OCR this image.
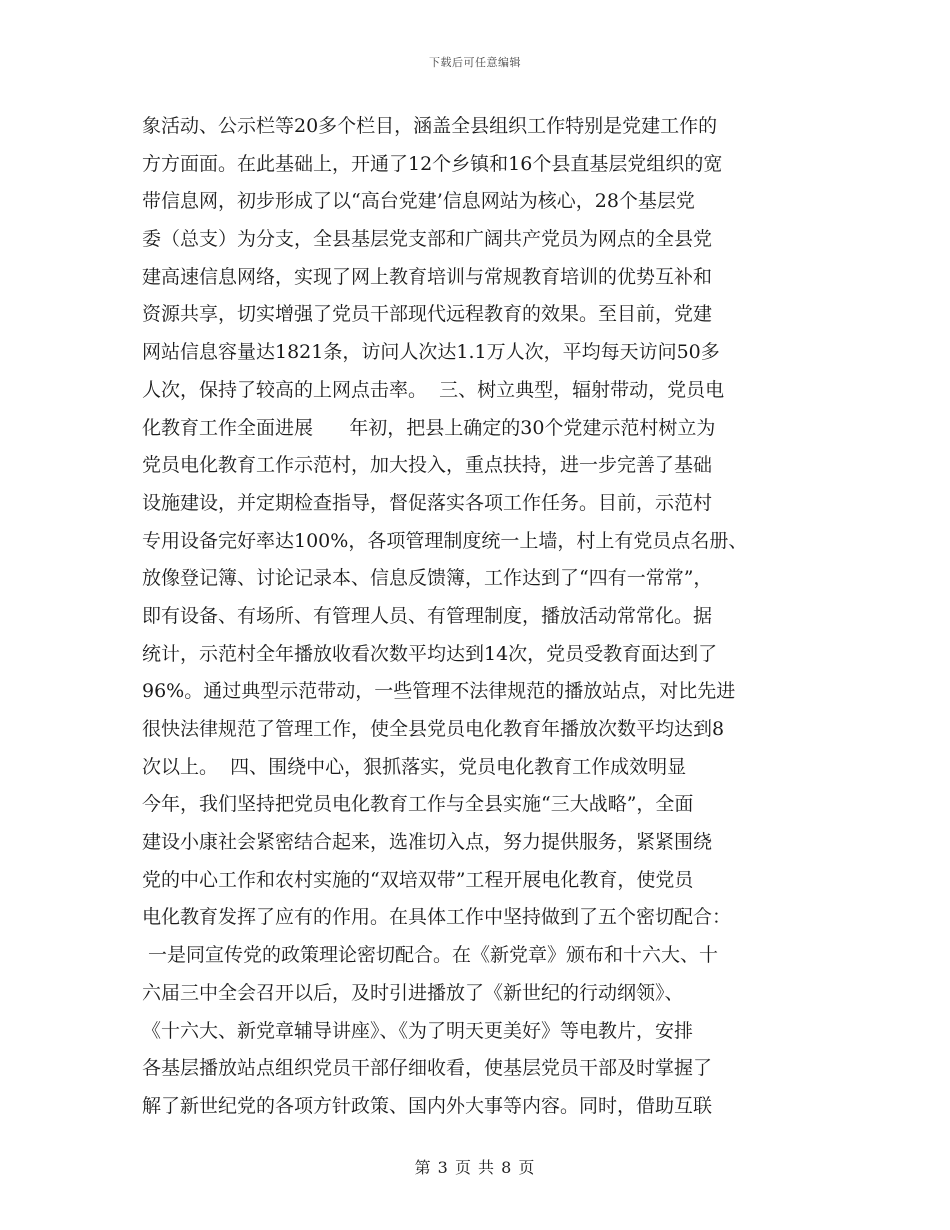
下载后可任意编辑
象活动、公示栏等20多个栏目，涵盖全县组织工作特别是党建工作的
方方面面。在此基础上，开通了12个乡镇和16个县直基层党组织的宽
带信息网，初步形成了以“高台党建’信息网站为核心，28个基层党
委（总支）为分支，全县基层党支部和广阔共产党员为网点的全县党
建高速信息网络，实现了网上教育培训与常规教育培训的优势互补和
资源共享，切实增强了党员干部现代远程教育的效果。至目前，党建
网站信息容量达1821条，访问人次达1.1万人次，平均每天访问50多
人次，保持了较高的上网点击率。  三、树立典型，辐射带动，党员电
化教育工作全面进展      年初，把县上确定的30个党建示范村树立为
党员电化教育工作示范村，加大投入，重点扶持，进一步完善了基础
设施建设，并定期检查指导，督促落实各项工作任务。目前，示范村
专用设备完好率达100%，各项管理制度统一上墙，村上有党员点名册、
放像登记簿、讨论记录本、信息反馈簿，工作达到了“四有一常常”，
即有设备、有场所、有管理人员、有管理制度，播放活动常常化。据
统计，示范村全年播放收看次数平均达到14次，党员受教育面达到了
96%。通过典型示范带动，一些管理不法律规范的播放站点，对比先进
很快法律规范了管理工作，使全县党员电化教育年播放次数平均达到8
次以上。  四、围绕中心，狠抓落实，党员电化教育工作成效明显
今年，我们坚持把党员电化教育工作与全县实施“三大战略”，全面
建设小康社会紧密结合起来，选准切入点，努力提供服务，紧紧围绕
党的中心工作和农村实施的“双培双带”工程开展电化教育，使党员
电化教育发挥了应有的作用。在具体工作中坚持做到了五个密切配合：
一是同宣传党的政策理论密切配合。在《新党章》颁布和十六大、十
六届三中全会召开以后，及时引进播放了《新世纪的行动纲领》、
《十六大、新党章辅导讲座》、《为了明天更美好》等电教片，安排
各基层播放站点组织党员干部仔细收看，使基层党员干部及时掌握了
解了新世纪党的各项方针政策、国内外大事等内容。同时，借助互联
第 3 页 共 8 页
